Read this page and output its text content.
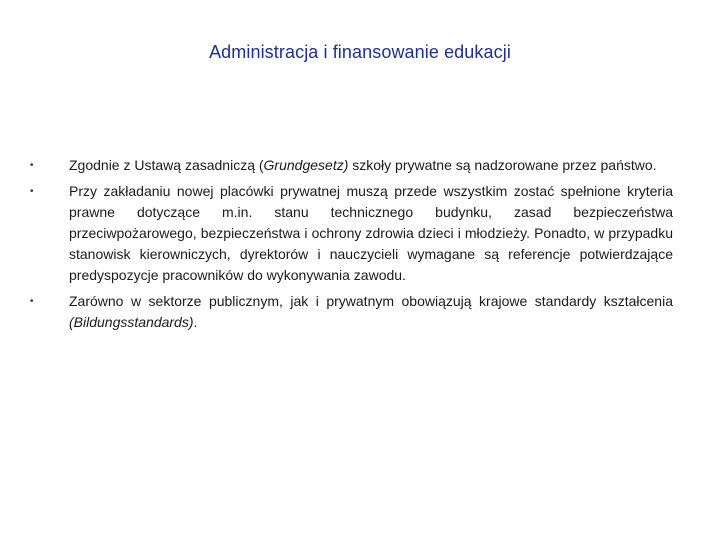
Administracja i finansowanie edukacji
•	Zgodnie z Ustawą zasadniczą (Grundgesetz) szkoły prywatne są nadzorowane przez państwo.
•	Przy zakładaniu nowej placówki prywatnej muszą przede wszystkim zostać spełnione kryteria prawne dotyczące m.in. stanu technicznego budynku, zasad bezpieczeństwa przeciwpożarowego, bezpieczeństwa i ochrony zdrowia dzieci i młodzieży. Ponadto, w przypadku stanowisk kierowniczych, dyrektorów i nauczycieli wymagane są referencje potwierdzające predyspozycje pracowników do wykonywania zawodu.
•	Zarówno w sektorze publicznym, jak i prywatnym obowiązują krajowe standardy kształcenia (Bildungsstandards).
